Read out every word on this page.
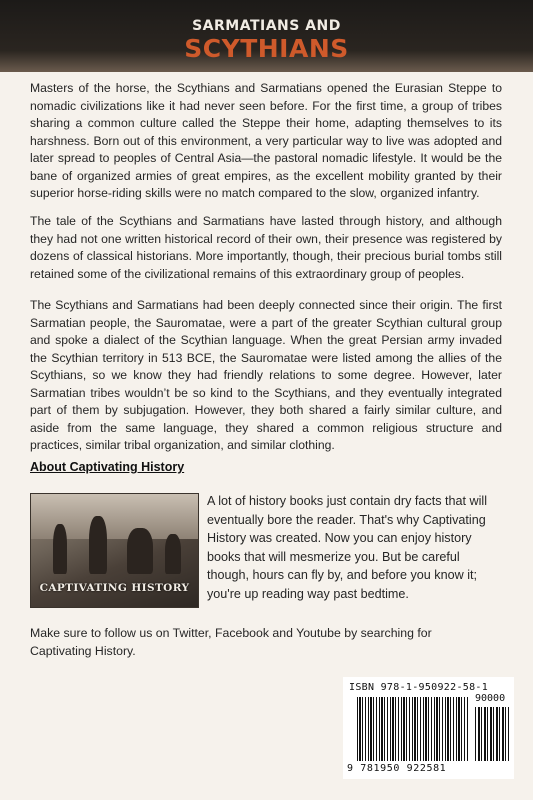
SARMATIANS AND
SCYTHIANS

Masters of the horse, the Scythians and Sarmatians opened the Eurasian Steppe to nomadic civilizations like it had never seen before. For the first time, a group of tribes sharing a common culture called the Steppe their home, adapting themselves to its harshness. Born out of this environment, a very particular way to live was adopted and later spread to peoples of Central Asia—the pastoral nomadic lifestyle. It would be the bane of organized armies of great empires, as the excellent mobility granted by their superior horse-riding skills were no match compared to the slow, organized infantry.

The tale of the Scythians and Sarmatians have lasted through history, and although they had not one written historical record of their own, their presence was registered by dozens of classical historians. More importantly, though, their precious burial tombs still retained some of the civilizational remains of this extraordinary group of peoples.

The Scythians and Sarmatians had been deeply connected since their origin. The first Sarmatian people, the Sauromatae, were a part of the greater Scythian cultural group and spoke a dialect of the Scythian language. When the great Persian army invaded the Scythian territory in 513 BCE, the Sauromatae were listed among the allies of the Scythians, so we know they had friendly relations to some degree. However, later Sarmatian tribes wouldn’t be so kind to the Scythians, and they eventually integrated part of them by subjugation. However, they both shared a fairly similar culture, and aside from the same language, they shared a common religious structure and practices, similar tribal organization, and similar clothing.

About Captivating History
CAPTIVATING HISTORY

A lot of history books just contain dry facts that will eventually bore the reader. That's why Captivating History was created. Now you can enjoy history books that will mesmerize you. But be careful though, hours can fly by, and before you know it; you're up reading way past bedtime.

Make sure to follow us on Twitter, Facebook and Youtube by searching for Captivating History.

ISBN 978-1-950922-58-1
90000
9 781950 922581
